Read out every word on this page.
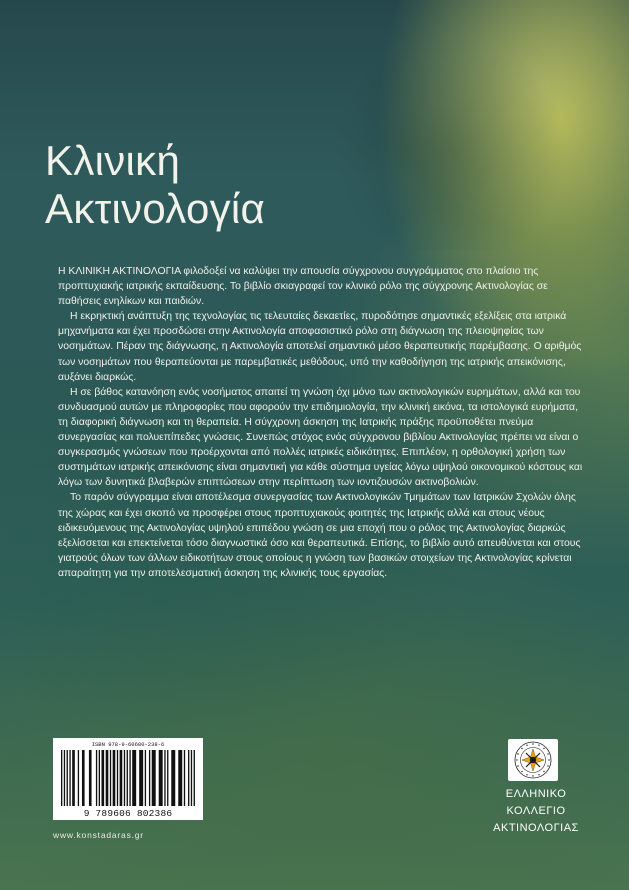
Κλινική
Ακτινολογία

Η ΚΛΙΝΙΚΗ ΑΚΤΙΝΟΛΟΓΙΑ φιλοδοξεί να καλύψει την απουσία σύγχρονου συγγράμματος στο πλαίσιο της προπτυχιακής ιατρικής εκπαίδευσης. Το βιβλίο σκιαγραφεί τον κλινικό ρόλο της σύγχρονης Ακτινολογίας σε παθήσεις ενηλίκων και παιδιών.

Η εκρηκτική ανάπτυξη της τεχνολογίας τις τελευταίες δεκαετίες, πυροδότησε σημαντικές εξελίξεις στα ιατρικά μηχανήματα και έχει προσδώσει στην Ακτινολογία αποφασιστικό ρόλο στη διάγνωση της πλειοψηφίας των νοσημάτων. Πέραν της διάγνωσης, η Ακτινολογία αποτελεί σημαντικό μέσο θεραπευτικής παρέμβασης. Ο αριθμός των νοσημάτων που θεραπεύονται με παρεμβατικές μεθόδους, υπό την καθοδήγηση της ιατρικής απεικόνισης, αυξάνει διαρκώς.

Η σε βάθος κατανόηση ενός νοσήματος απαιτεί τη γνώση όχι μόνο των ακτινολογικών ευρημάτων, αλλά και του συνδυασμού αυτών με πληροφορίες που αφορούν την επιδημιολογία, την κλινική εικόνα, τα ιστολογικά ευρήματα, τη διαφορική διάγνωση και τη θεραπεία. Η σύγχρονη άσκηση της Ιατρικής πράξης προϋποθέτει πνεύμα συνεργασίας και πολυεπίπεδες γνώσεις. Συνεπώς στόχος ενός σύγχρονου βιβλίου Ακτινολογίας πρέπει να είναι ο συγκερασμός γνώσεων που προέρχονται από πολλές ιατρικές ειδικότητες. Επιπλέον, η ορθολογική χρήση των συστημάτων ιατρικής απεικόνισης είναι σημαντική για κάθε σύστημα υγείας λόγω υψηλού οικονομικού κόστους και λόγω των δυνητικά βλαβερών επιπτώσεων στην περίπτωση των ιοντιζουσών ακτινοβολιών.

Το παρόν σύγγραμμα είναι αποτέλεσμα συνεργασίας των Ακτινολογικών Τμημάτων των Ιατρικών Σχολών όλης της χώρας και έχει σκοπό να προσφέρει στους προπτυχιακούς φοιτητές της Ιατρικής αλλά και στους νέους ειδικευόμενους της Ακτινολογίας υψηλού επιπέδου γνώση σε μια εποχή που ο ρόλος της Ακτινολογίας διαρκώς εξελίσσεται και επεκτείνεται τόσο διαγνωστικά όσο και θεραπευτικά. Επίσης, το βιβλίο αυτό απευθύνεται και στους γιατρούς όλων των άλλων ειδικοτήτων στους οποίους η γνώση των βασικών στοιχείων της Ακτινολογίας κρίνεται απαραίτητη για την αποτελεσματική άσκηση της κλινικής τους εργασίας.

ISBN 978-9-60680-238-6
9 789606 802386
www.konstadaras.gr
ΕΛΛΗΝΙΚΟ
ΚΟΛΛΕΓΙΟ
ΑΚΤΙΝΟΛΟΓΙΑΣ
